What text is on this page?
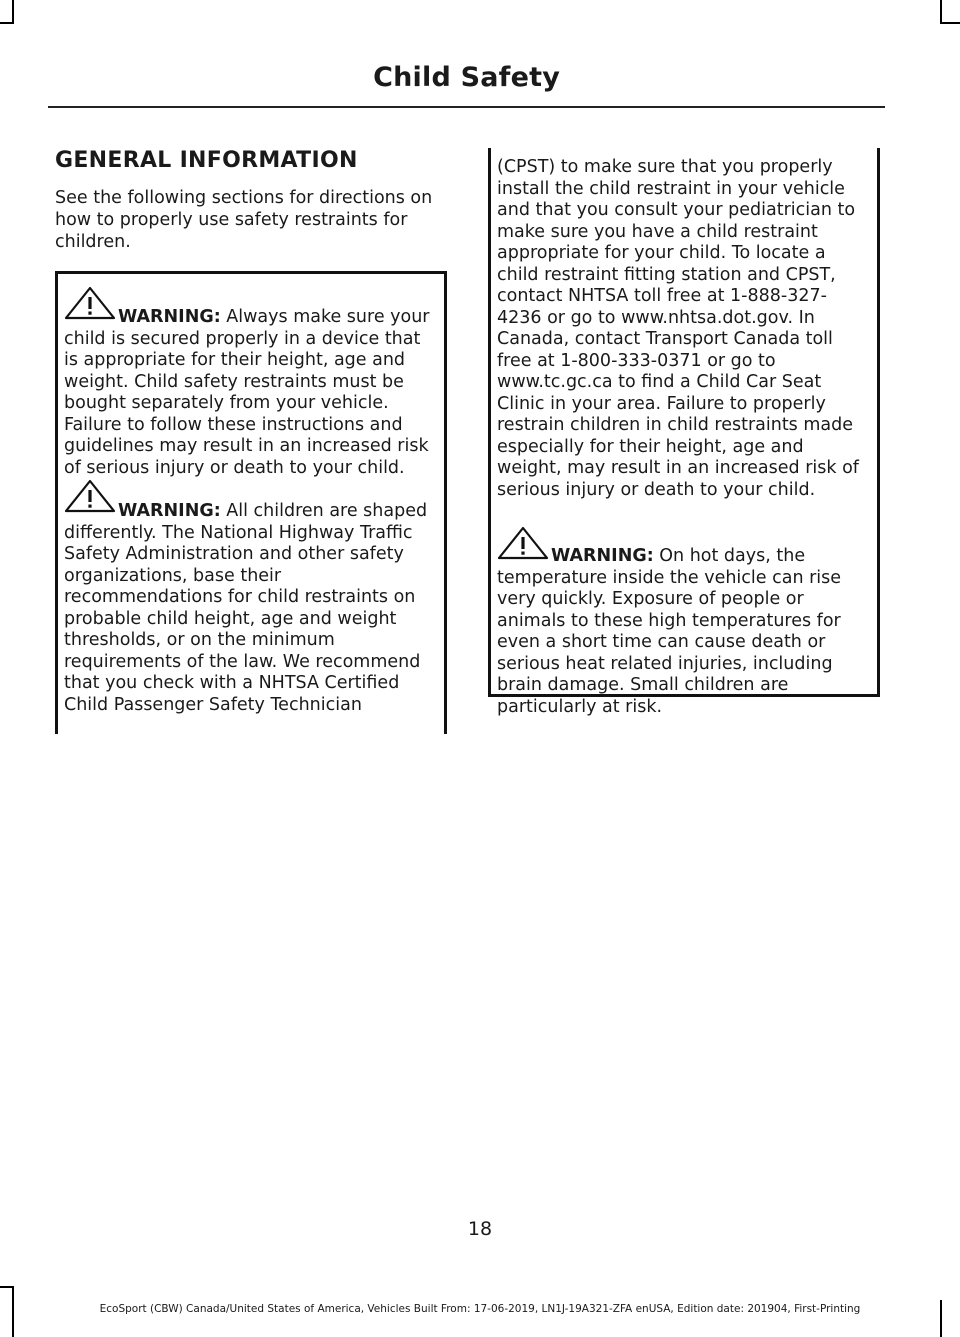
Child Safety
GENERAL INFORMATION

See the following sections for directions on how to properly use safety restraints for children.

WARNING: Always make sure your child is secured properly in a device that is appropriate for their height, age and weight. Child safety restraints must be bought separately from your vehicle. Failure to follow these instructions and guidelines may result in an increased risk of serious injury or death to your child.

WARNING: All children are shaped differently. The National Highway Traffic Safety Administration and other safety organizations, base their recommendations for child restraints on probable child height, age and weight thresholds, or on the minimum requirements of the law. We recommend that you check with a NHTSA Certified Child Passenger Safety Technician

(CPST) to make sure that you properly install the child restraint in your vehicle and that you consult your pediatrician to make sure you have a child restraint appropriate for your child. To locate a child restraint fitting station and CPST, contact NHTSA toll free at 1-888-327-4236 or go to www.nhtsa.dot.gov. In Canada, contact Transport Canada toll free at 1-800-333-0371 or go to www.tc.gc.ca to find a Child Car Seat Clinic in your area. Failure to properly restrain children in child restraints made especially for their height, age and weight, may result in an increased risk of serious injury or death to your child.

WARNING: On hot days, the temperature inside the vehicle can rise very quickly. Exposure of people or animals to these high temperatures for even a short time can cause death or serious heat related injuries, including brain damage. Small children are particularly at risk.

18
EcoSport (CBW) Canada/United States of America, Vehicles Built From: 17-06-2019, LN1J-19A321-ZFA enUSA, Edition date: 201904, First-Printing
